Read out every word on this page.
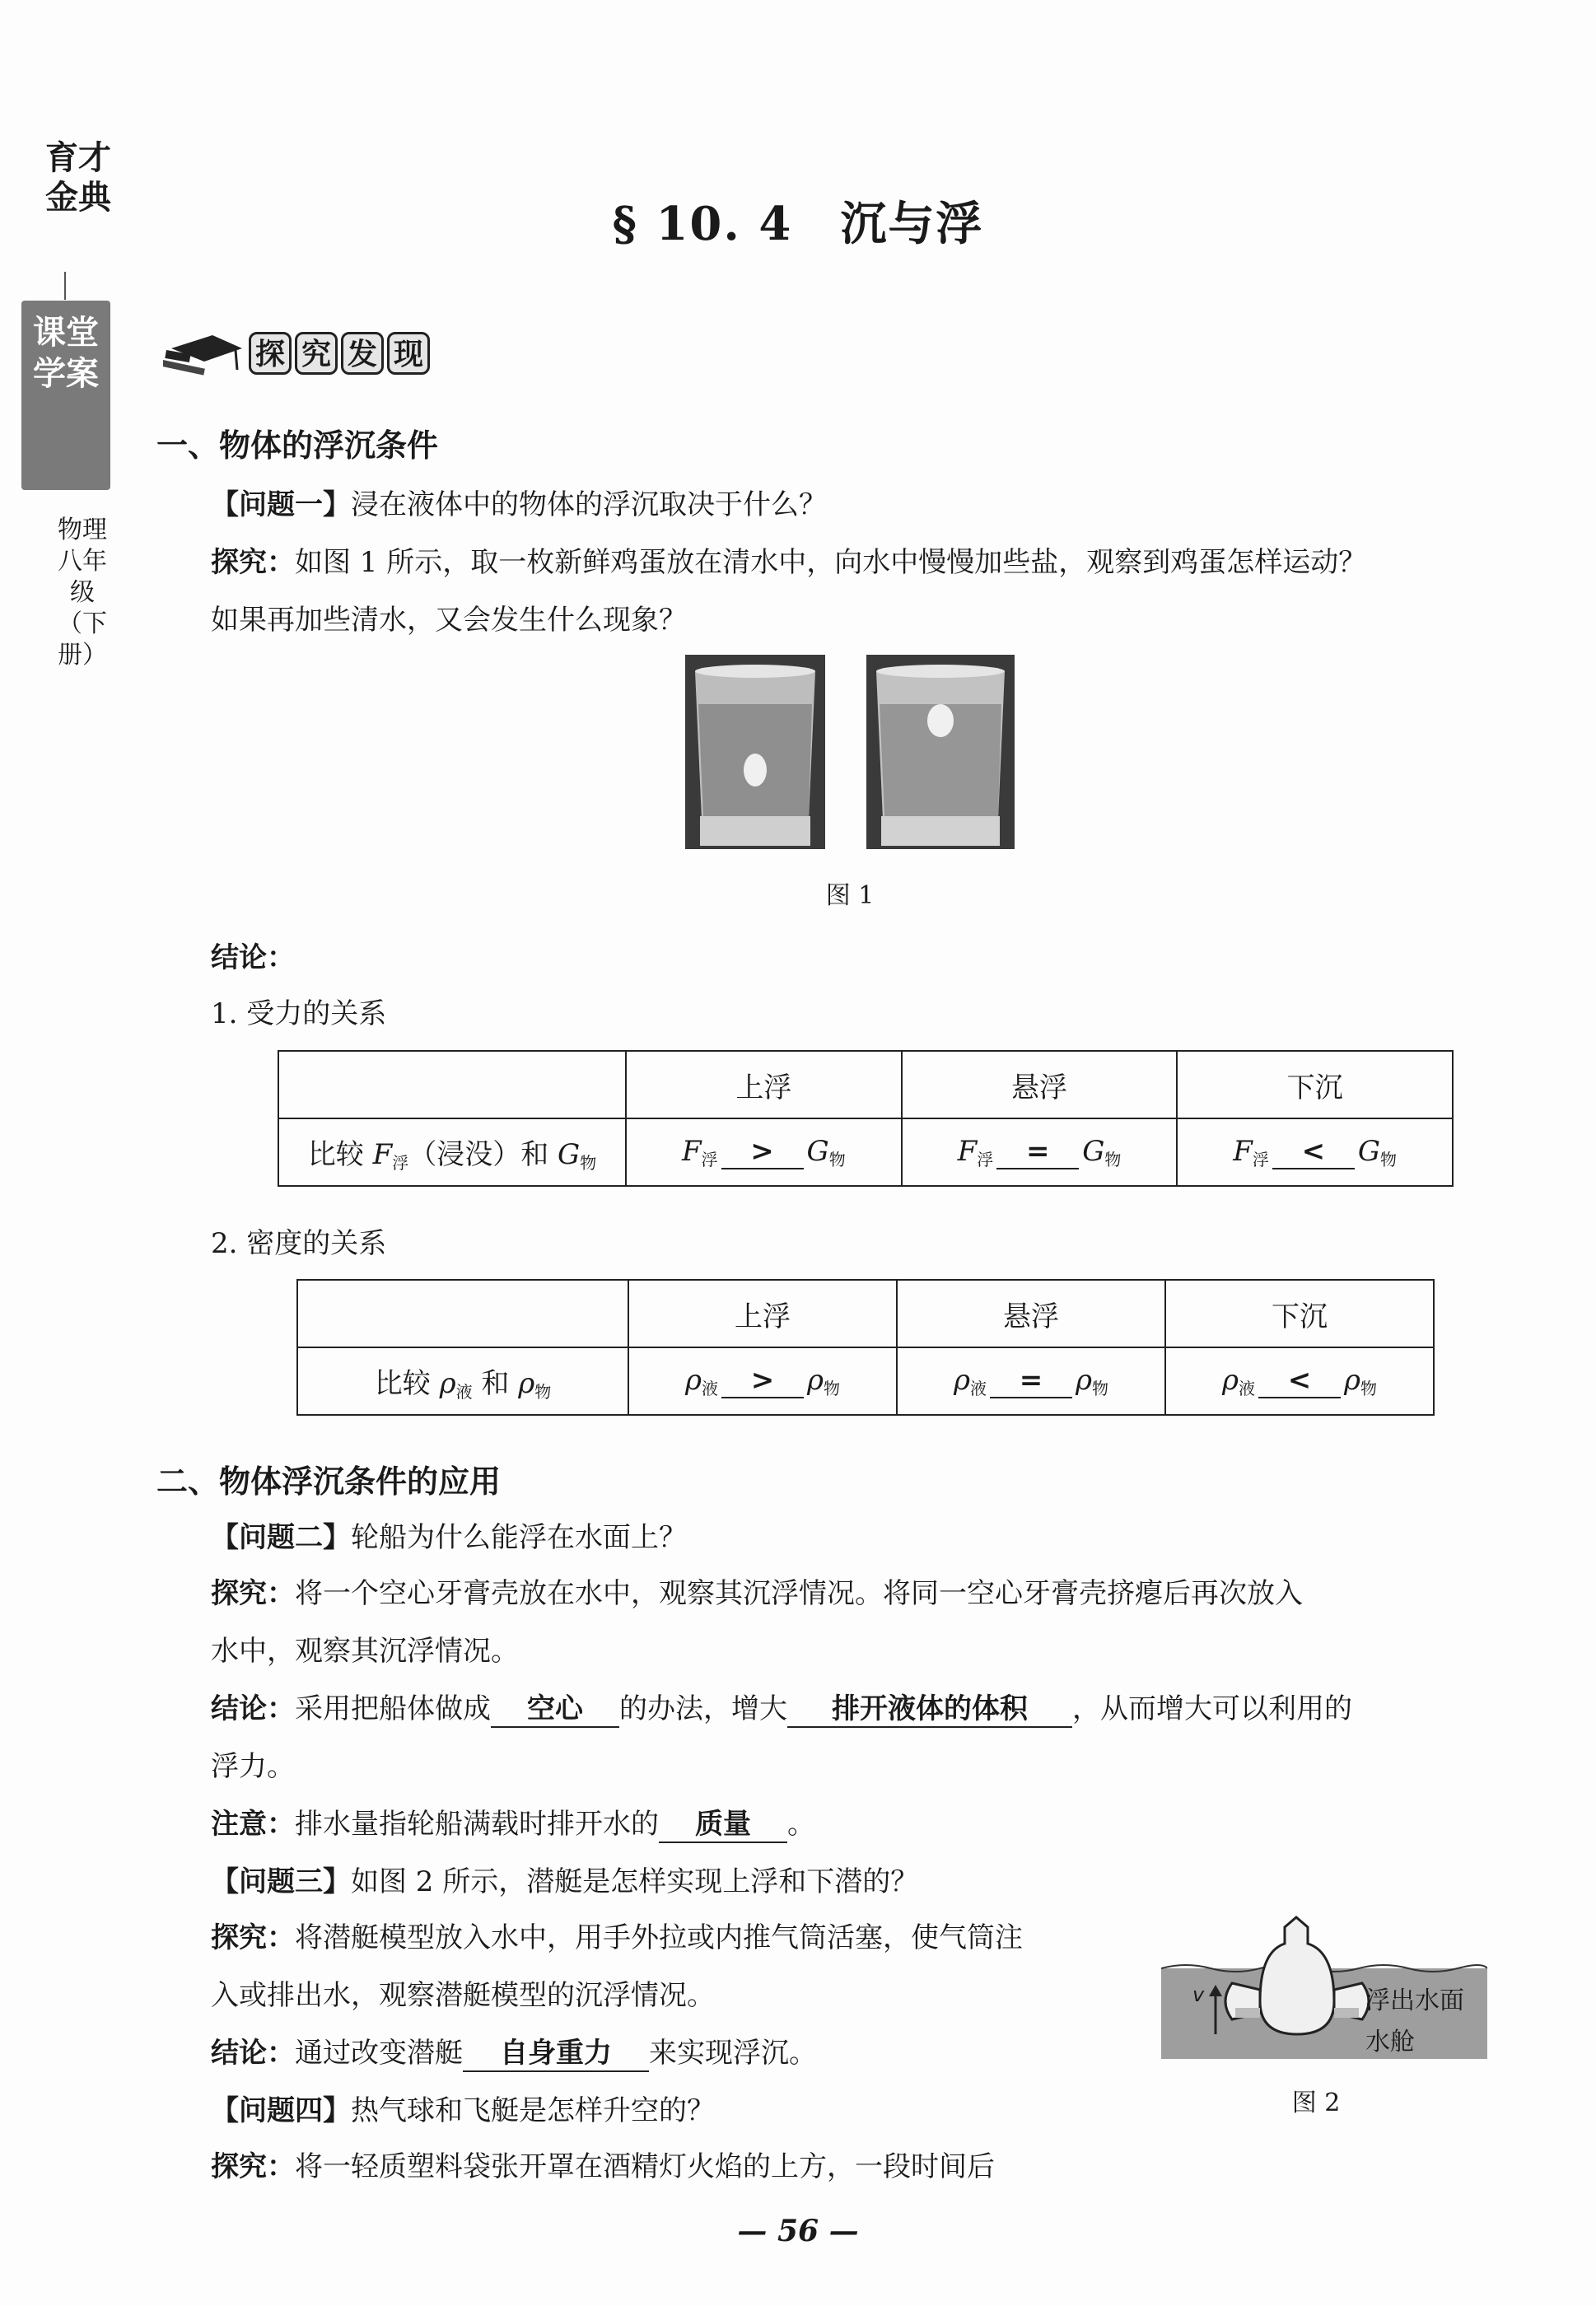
育才金典
课堂学案
物理 八年级（下册）
§ 10. 4　沉与浮
探 究 发 现
一、物体的浮沉条件
【问题一】浸在液体中的物体的浮沉取决于什么？
探究：如图 1 所示，取一枚新鲜鸡蛋放在清水中，向水中慢慢加些盐，观察到鸡蛋怎样运动？
如果再加些清水，又会发生什么现象？
图 1
结论：
1. 受力的关系
	上浮	悬浮	下沉
比较 $F_浮$（浸没）和 $G_物$	$F_浮 > G_物$	$F_浮 = G_物$	$F_浮 < G_物$
2. 密度的关系
	上浮	悬浮	下沉
比较 $\rho_液$ 和 $\rho_物$	$\rho_液 > \rho_物$	$\rho_液 = \rho_物$	$\rho_液 < \rho_物$
二、物体浮沉条件的应用
【问题二】轮船为什么能浮在水面上？
探究：将一个空心牙膏壳放在水中，观察其沉浮情况。将同一空心牙膏壳挤瘪后再次放入
水中，观察其沉浮情况。
结论：采用把船体做成 空心 的办法，增大 排开液体的体积 ，从而增大可以利用的
浮力。
注意：排水量指轮船满载时排开水的 质量 。
【问题三】如图 2 所示，潜艇是怎样实现上浮和下潜的？
探究：将潜艇模型放入水中，用手外拉或内推气筒活塞，使气筒注
入或排出水，观察潜艇模型的沉浮情况。
结论：通过改变潜艇 自身重力 来实现浮沉。
v	浮出水面
水舱
图 2
【问题四】热气球和飞艇是怎样升空的？
探究：将一轻质塑料袋张开罩在酒精灯火焰的上方，一段时间后
— 56 —
